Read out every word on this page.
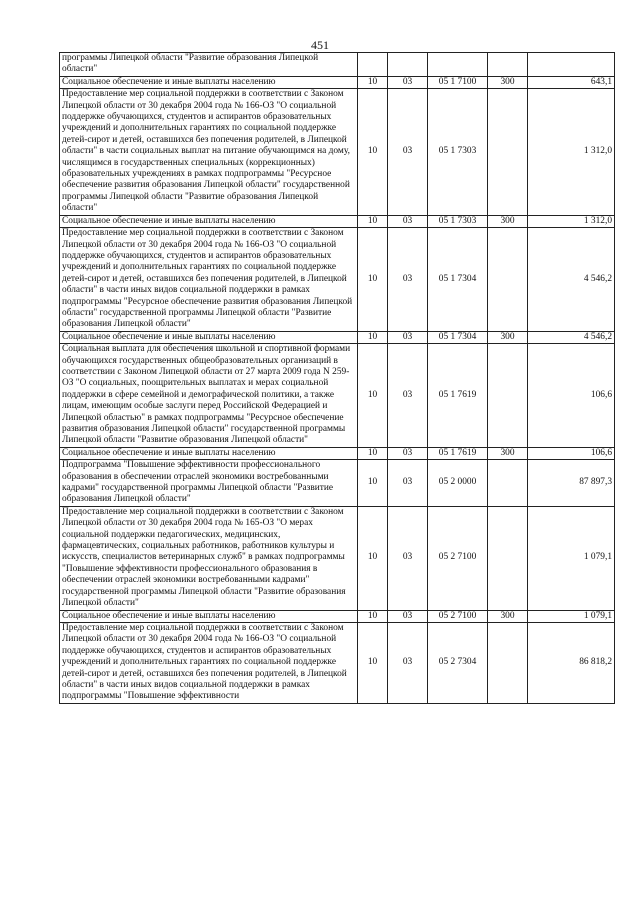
451
программы Липецкой области "Развитие образования Липецкой области"					
Социальное обеспечение и иные выплаты населению	10	03	05 1 7100	300	643,1
Предоставление мер социальной поддержки в соответствии с Законом Липецкой области от 30 декабря 2004 года № 166-ОЗ "О социальной поддержке обучающихся, студентов и аспирантов образовательных учреждений и дополнительных гарантиях по социальной поддержке детей-сирот и детей, оставшихся без попечения родителей, в Липецкой области" в части социальных выплат на питание обучающимся на дому, числящимся в государственных специальных (коррекционных) образовательных учреждениях в рамках подпрограммы "Ресурсное обеспечение развития образования Липецкой области" государственной программы Липецкой области "Развитие образования Липецкой области"	10	03	05 1 7303		1 312,0
Социальное обеспечение и иные выплаты населению	10	03	05 1 7303	300	1 312,0
Предоставление мер социальной поддержки в соответствии с Законом Липецкой области от 30 декабря 2004 года № 166-ОЗ "О социальной поддержке обучающихся, студентов и аспирантов образовательных учреждений и дополнительных гарантиях по социальной поддержке детей-сирот и детей, оставшихся без попечения родителей, в Липецкой области" в части иных видов социальной поддержки в рамках подпрограммы "Ресурсное обеспечение развития образования Липецкой области" государственной программы Липецкой области "Развитие образования Липецкой области"	10	03	05 1 7304		4 546,2
Социальное обеспечение и иные выплаты населению	10	03	05 1 7304	300	4 546,2
Социальная выплата для обеспечения школьной и спортивной формами обучающихся государственных общеобразовательных организаций в соответствии с Законом Липецкой области от 27 марта 2009 года N 259-ОЗ "О социальных, поощрительных выплатах и мерах социальной поддержки в сфере семейной и демографической политики, а также лицам, имеющим особые заслуги перед Российской Федерацией и Липецкой областью" в рамках подпрограммы "Ресурсное обеспечение развития образования Липецкой области" государственной программы Липецкой области "Развитие образования Липецкой области"	10	03	05 1 7619		106,6
Социальное обеспечение и иные выплаты населению	10	03	05 1 7619	300	106,6
Подпрограмма "Повышение эффективности профессионального образования в обеспечении отраслей экономики востребованными кадрами" государственной программы Липецкой области "Развитие образования Липецкой области"	10	03	05 2 0000		87 897,3
Предоставление мер социальной поддержки в соответствии с Законом Липецкой области от 30 декабря 2004 года № 165-ОЗ "О мерах социальной поддержки педагогических, медицинских, фармацевтических, социальных работников, работников культуры и искусств, специалистов ветеринарных служб" в рамках подпрограммы "Повышение эффективности профессионального образования в обеспечении отраслей экономики востребованными кадрами" государственной программы Липецкой области "Развитие образования Липецкой области"	10	03	05 2 7100		1 079,1
Социальное обеспечение и иные выплаты населению	10	03	05 2 7100	300	1 079,1
Предоставление мер социальной поддержки в соответствии с Законом Липецкой области от 30 декабря 2004 года № 166-ОЗ "О социальной поддержке обучающихся, студентов и аспирантов образовательных учреждений и дополнительных гарантиях по социальной поддержке детей-сирот и детей, оставшихся без попечения родителей, в Липецкой области" в части иных видов социальной поддержки в рамках подпрограммы "Повышение эффективности	10	03	05 2 7304		86 818,2
